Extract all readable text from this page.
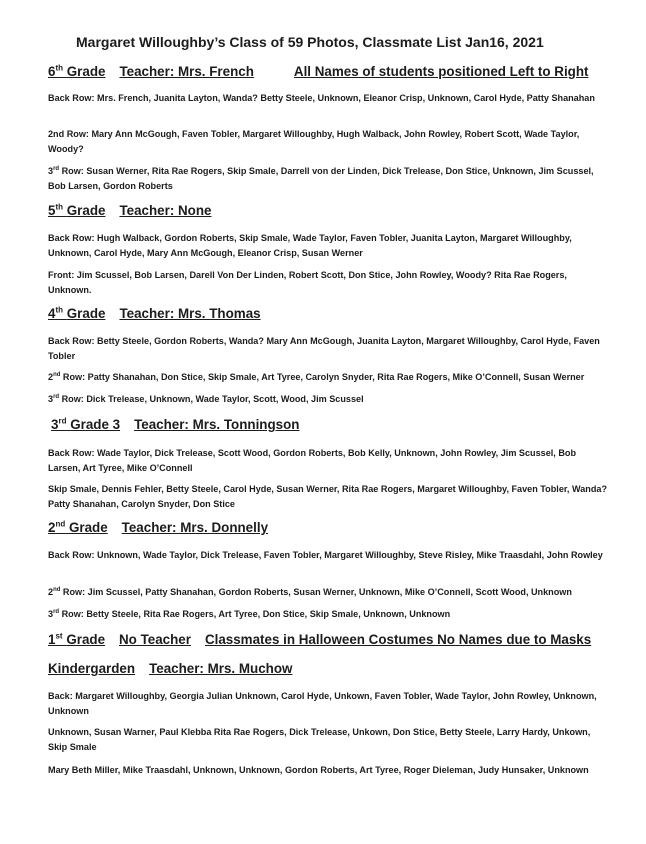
Margaret Willoughby’s Class of 59 Photos, Classmate List Jan16, 2021
6th Grade Teacher: Mrs. French	All Names of students positioned Left to Right

Back Row: Mrs. French, Juanita Layton, Wanda? Betty Steele, Unknown, Eleanor Crisp, Unknown, Carol Hyde, Patty Shanahan

2nd Row: Mary Ann McGough, Faven Tobler, Margaret Willoughby, Hugh Walback, John Rowley, Robert Scott, Wade Taylor, Woody?

3rd Row: Susan Werner, Rita Rae Rogers, Skip Smale, Darrell von der Linden, Dick Trelease, Don Stice, Unknown, Jim Scussel, Bob Larsen, Gordon Roberts

5th Grade Teacher: None

Back Row: Hugh Walback, Gordon Roberts, Skip Smale, Wade Taylor, Faven Tobler, Juanita Layton, Margaret Willoughby, Unknown, Carol Hyde, Mary Ann McGough, Eleanor Crisp, Susan Werner

Front: Jim Scussel, Bob Larsen, Darell Von Der Linden, Robert Scott, Don Stice, John Rowley, Woody? Rita Rae Rogers, Unknown.

4th Grade Teacher: Mrs. Thomas

Back Row: Betty Steele, Gordon Roberts, Wanda? Mary Ann McGough, Juanita Layton, Margaret Willoughby, Carol Hyde, Faven Tobler

2nd Row: Patty Shanahan, Don Stice, Skip Smale, Art Tyree, Carolyn Snyder, Rita Rae Rogers, Mike O’Connell, Susan Werner

3rd Row: Dick Trelease, Unknown, Wade Taylor, Scott, Wood, Jim Scussel

3rd Grade 3 Teacher: Mrs. Tonningson

Back Row: Wade Taylor, Dick Trelease, Scott Wood, Gordon Roberts, Bob Kelly, Unknown, John Rowley, Jim Scussel, Bob Larsen, Art Tyree, Mike O’Connell

Skip Smale, Dennis Fehler, Betty Steele, Carol Hyde, Susan Werner, Rita Rae Rogers, Margaret Willoughby, Faven Tobler, Wanda? Patty Shanahan, Carolyn Snyder, Don Stice

2nd Grade Teacher: Mrs. Donnelly

Back Row: Unknown, Wade Taylor, Dick Trelease, Faven Tobler, Margaret Willoughby, Steve Risley, Mike Traasdahl, John Rowley

2nd Row: Jim Scussel, Patty Shanahan, Gordon Roberts, Susan Werner, Unknown, Mike O’Connell, Scott Wood, Unknown

3rd Row: Betty Steele, Rita Rae Rogers, Art Tyree, Don Stice, Skip Smale, Unknown, Unknown

1st Grade No Teacher Classmates in Halloween Costumes No Names due to Masks
Kindergarden Teacher: Mrs. Muchow

Back: Margaret Willoughby, Georgia Julian Unknown, Carol Hyde, Unkown, Faven Tobler, Wade Taylor, John Rowley, Unknown, Unknown

Unknown, Susan Warner, Paul Klebba Rita Rae Rogers, Dick Trelease, Unkown, Don Stice, Betty Steele, Larry Hardy, Unkown, Skip Smale

Mary Beth Miller, Mike Traasdahl, Unknown, Unknown, Gordon Roberts, Art Tyree, Roger Dieleman, Judy Hunsaker, Unknown
